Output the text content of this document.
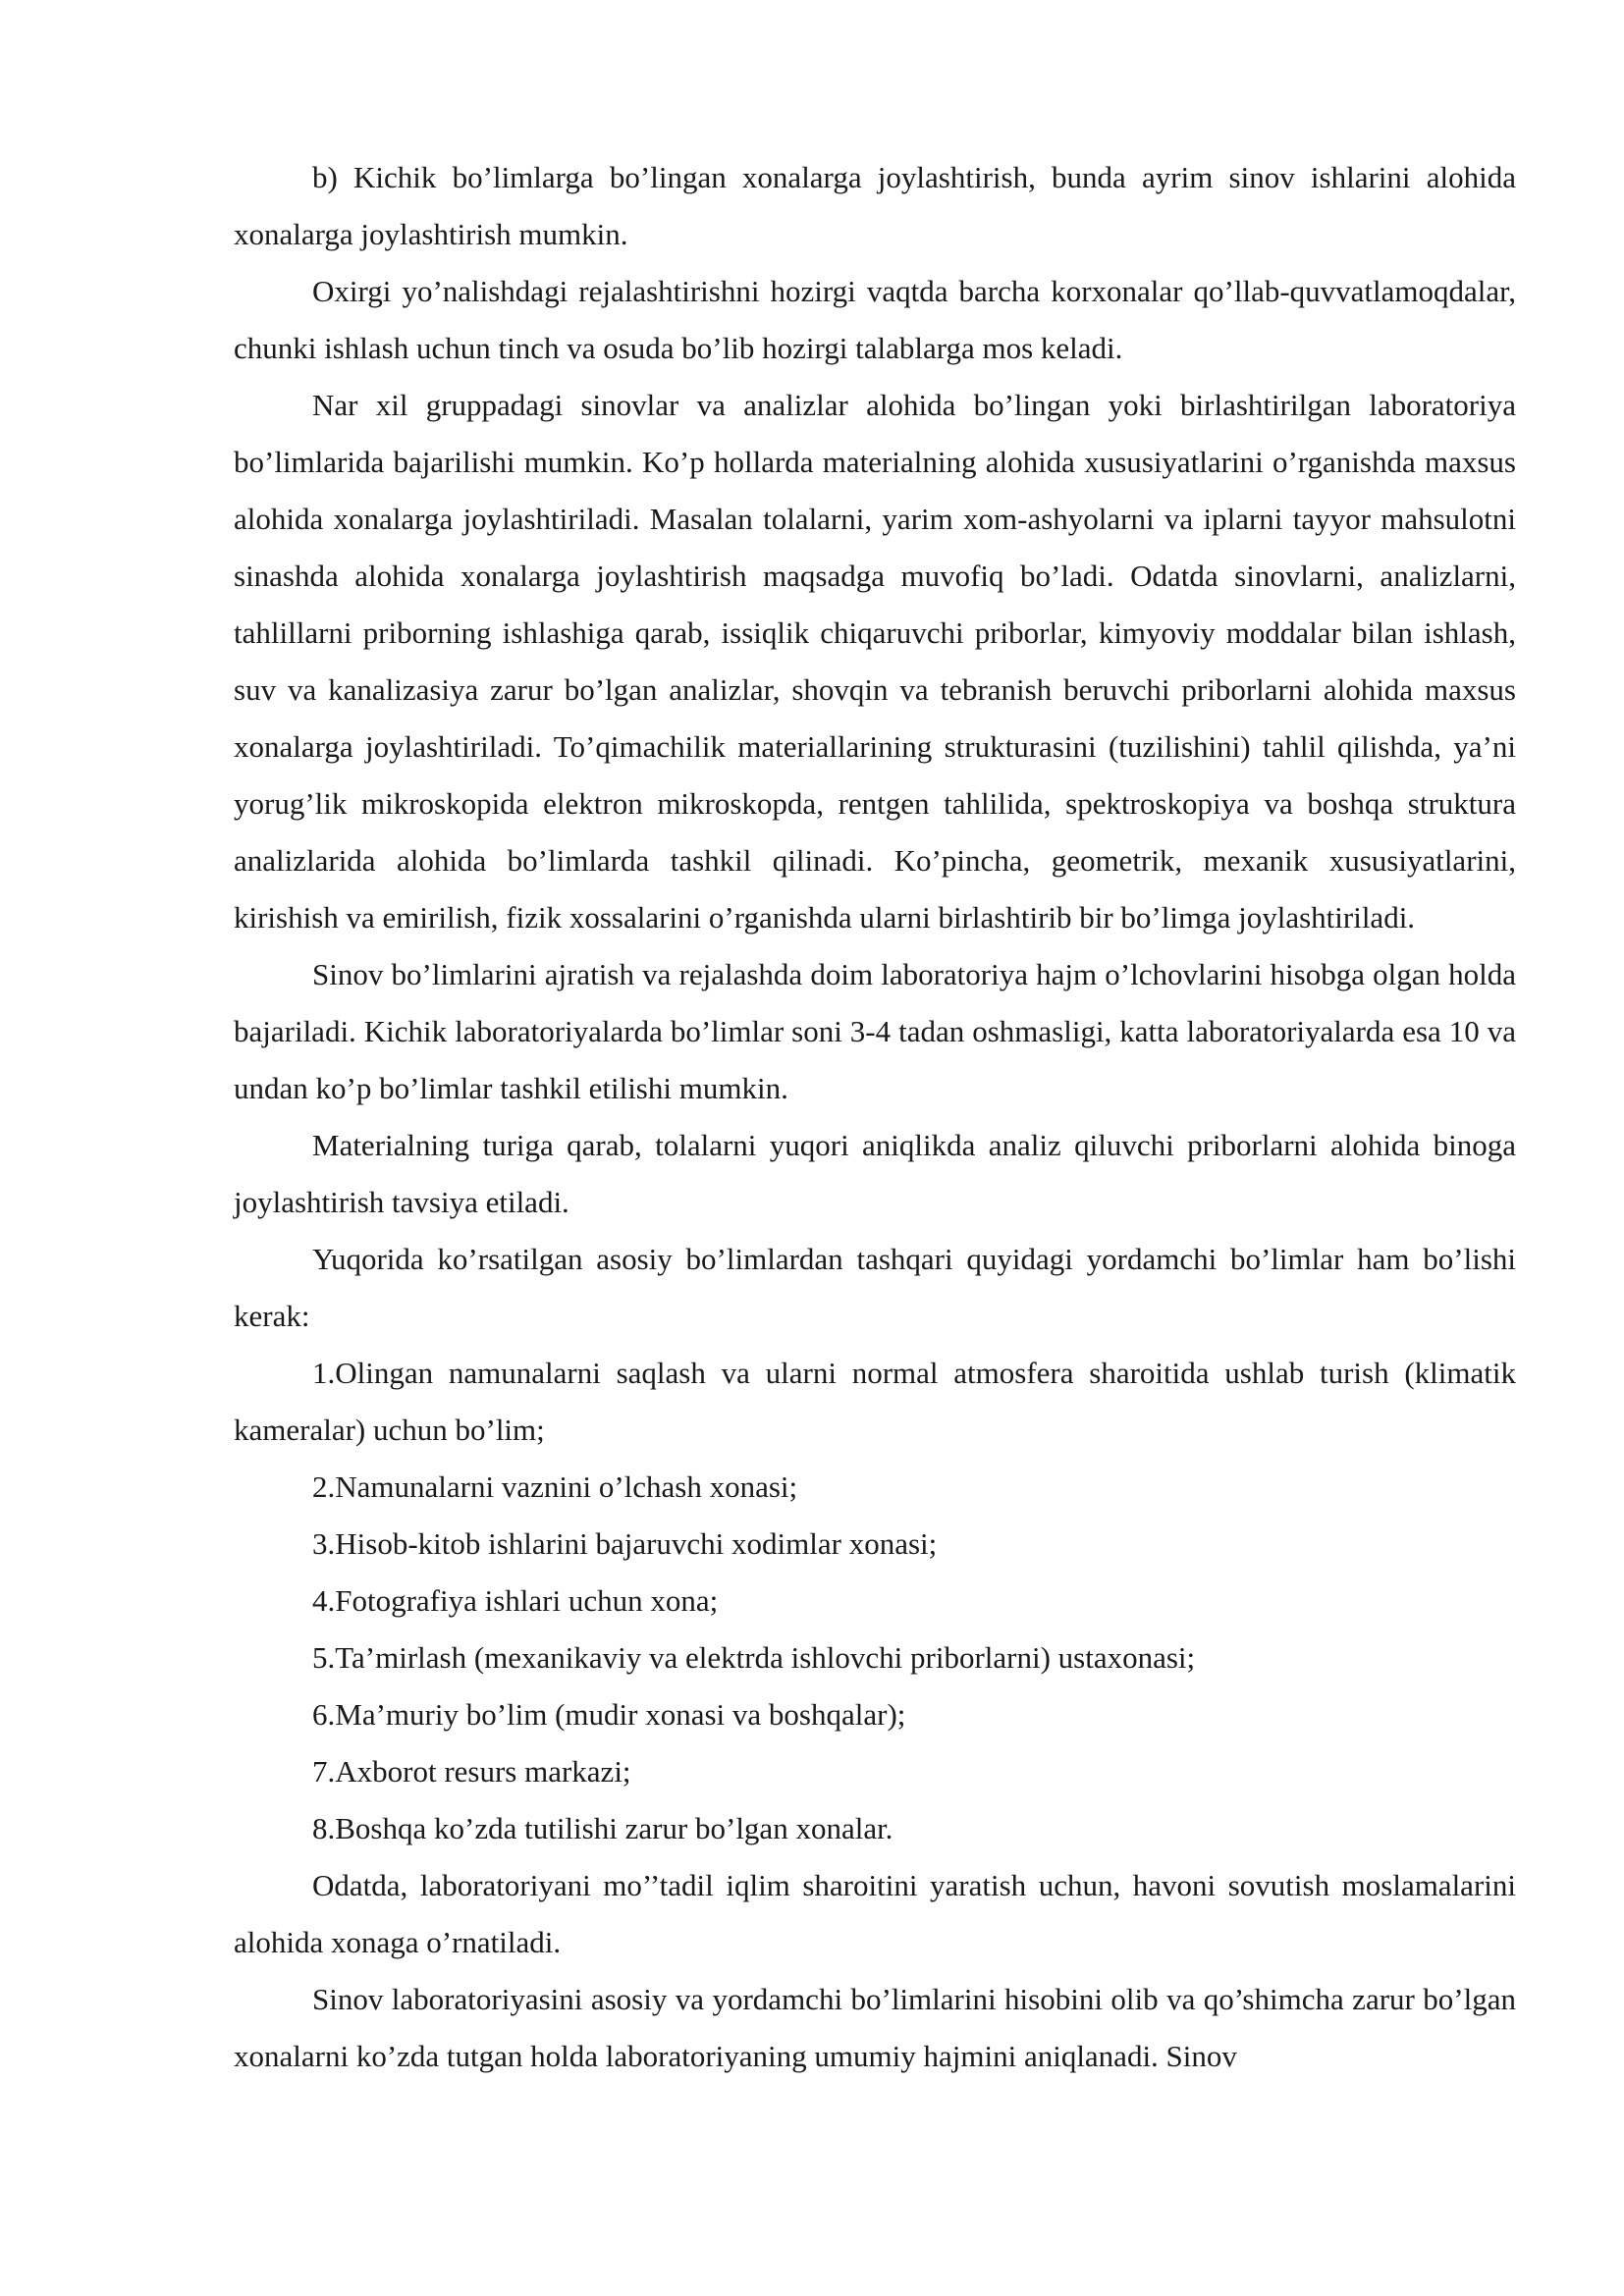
b) Kichik bo’limlarga bo’lingan xonalarga joylashtirish, bunda ayrim sinov ishlarini alohida xonalarga joylashtirish mumkin.

Oxirgi yo’nalishdagi rejalashtirishni hozirgi vaqtda barcha korxonalar qo’llab-quvvatlamoqdalar, chunki ishlash uchun tinch va osuda bo’lib hozirgi talablarga mos keladi.

Nar xil gruppadagi sinovlar va analizlar alohida bo’lingan yoki birlashtirilgan laboratoriya bo’limlarida bajarilishi mumkin. Ko’p hollarda materialning alohida xususiyatlarini o’rganishda maxsus alohida xonalarga joylashtiriladi. Masalan tolalarni, yarim xom-ashyolarni va iplarni tayyor mahsulotni sinashda alohida xonalarga joylashtirish maqsadga muvofiq bo’ladi. Odatda sinovlarni, analizlarni, tahlillarni priborning ishlashiga qarab, issiqlik chiqaruvchi priborlar, kimyoviy moddalar bilan ishlash, suv va kanalizasiya zarur bo’lgan analizlar, shovqin va tebranish beruvchi priborlarni alohida maxsus xonalarga joylashtiriladi. To’qimachilik materiallarining strukturasini (tuzilishini) tahlil qilishda, ya’ni yorug’lik mikroskopida elektron mikroskopda, rentgen tahlilida, spektroskopiya va boshqa struktura analizlarida alohida bo’limlarda tashkil qilinadi. Ko’pincha, geometrik, mexanik xususiyatlarini, kirishish va emirilish, fizik xossalarini o’rganishda ularni birlashtirib bir bo’limga joylashtiriladi.

Sinov bo’limlarini ajratish va rejalashda doim laboratoriya hajm o’lchovlarini hisobga olgan holda bajariladi. Kichik laboratoriyalarda bo’limlar soni 3-4 tadan oshmasligi, katta laboratoriyalarda esa 10 va undan ko’p bo’limlar tashkil etilishi mumkin.

Materialning turiga qarab, tolalarni yuqori aniqlikda analiz qiluvchi priborlarni alohida binoga joylashtirish tavsiya etiladi.

Yuqorida ko’rsatilgan asosiy bo’limlardan tashqari quyidagi yordamchi bo’limlar ham bo’lishi kerak:

1.Olingan namunalarni saqlash va ularni normal atmosfera sharoitida ushlab turish (klimatik kameralar) uchun bo’lim;

2.Namunalarni vaznini o’lchash xonasi;

3.Hisob-kitob ishlarini bajaruvchi xodimlar xonasi;

4.Fotografiya ishlari uchun xona;

5.Ta’mirlash (mexanikaviy va elektrda ishlovchi priborlarni) ustaxonasi;

6.Ma’muriy bo’lim (mudir xonasi va boshqalar);

7.Axborot resurs markazi;

8.Boshqa ko’zda tutilishi zarur bo’lgan xonalar.

Odatda, laboratoriyani mo’’tadil iqlim sharoitini yaratish uchun, havoni sovutish moslamalarini alohida xonaga o’rnatiladi.

Sinov laboratoriyasini asosiy va yordamchi bo’limlarini hisobini olib va qo’shimcha zarur bo’lgan xonalarni ko’zda tutgan holda laboratoriyaning umumiy hajmini aniqlanadi. Sinov
